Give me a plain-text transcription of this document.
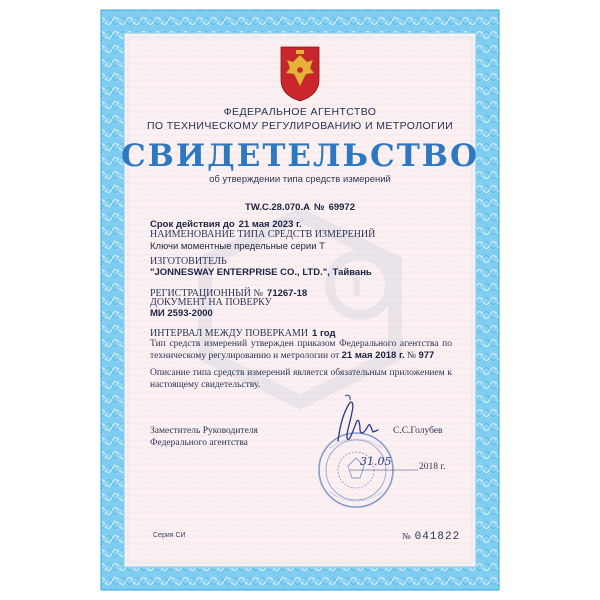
T
ФЕДЕРАЛЬНОЕ АГЕНТСТВО
ПО ТЕХНИЧЕСКОМУ РЕГУЛИРОВАНИЮ И МЕТРОЛОГИИ
СВИДЕТЕЛЬСТВО
об утверждении типа средств измерений
TW.C.28.070.A № 69972
Срок действия до 21 мая 2023 г.
НАИМЕНОВАНИЕ ТИПА СРЕДСТВ ИЗМЕРЕНИЙ
Ключи моментные предельные серии Т
ИЗГОТОВИТЕЛЬ
"JONNESWAY ENTERPRISE CO., LTD.", Тайвань
РЕГИСТРАЦИОННЫЙ № 71267-18
ДОКУМЕНТ НА ПОВЕРКУ
МИ 2593-2000
ИНТЕРВАЛ МЕЖДУ ПОВЕРКАМИ 1 год
Тип средств измерений утвержден приказом Федерального агентства по техническому регулированию и метрологии от 21 мая 2018 г. № 977
Описание типа средств измерений является обязательным приложением к настоящему свидетельству.
Заместитель Руководителя
Федерального агентства
С.С.Голубев
31.05	2018 г.
Серия СИ	№ 041822
